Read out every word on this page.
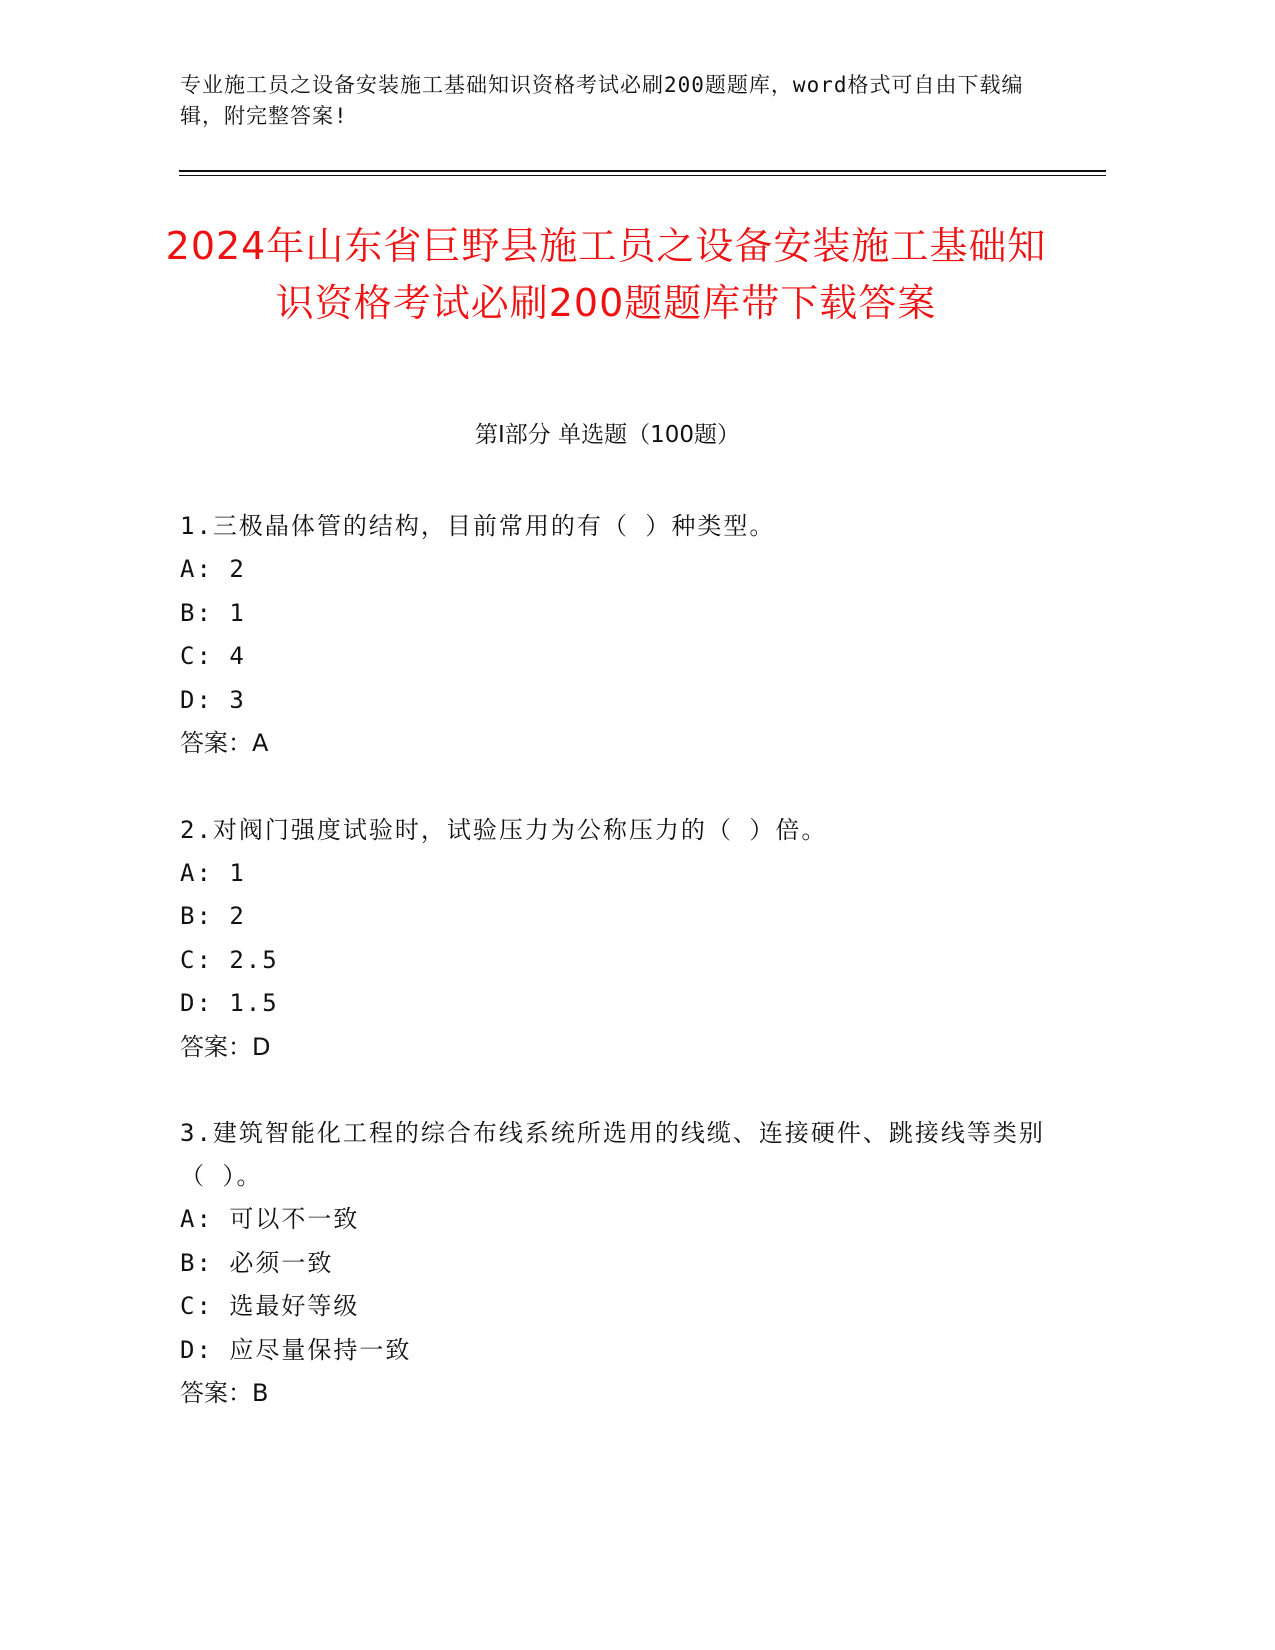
专业施工员之设备安装施工基础知识资格考试必刷200题题库，word格式可自由下载编辑，附完整答案!
2024年山东省巨野县施工员之设备安装施工基础知识资格考试必刷200题题库带下载答案
第Ⅰ部分 单选题（100题）
1.三极晶体管的结构，目前常用的有（ ）种类型。
A: 2
B: 1
C: 4
D: 3
答案：A
2.对阀门强度试验时，试验压力为公称压力的（ ）倍。
A: 1
B: 2
C: 2.5
D: 1.5
答案：D
3.建筑智能化工程的综合布线系统所选用的线缆、连接硬件、跳接线等类别（ ）。
A: 可以不一致
B: 必须一致
C: 选最好等级
D: 应尽量保持一致
答案：B
